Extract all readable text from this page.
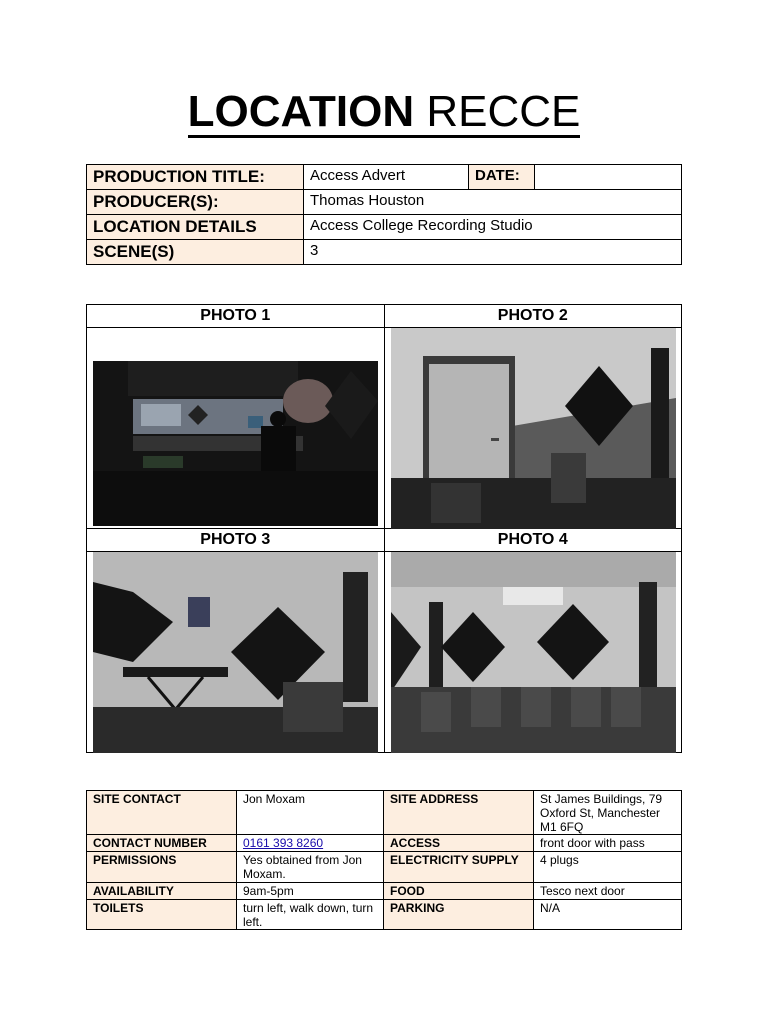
LOCATION RECCE
PRODUCTION TITLE:	Access Advert	DATE:	
PRODUCER(S):	Thomas Houston		
LOCATION DETAILS	Access College Recording Studio		
SCENE(S)	3		
PHOTO 1	PHOTO 2

PHOTO 3	PHOTO 4

SITE CONTACT	Jon Moxam	SITE ADDRESS	St James Buildings, 79 Oxford St, Manchester M1 6FQ
CONTACT NUMBER	0161 393 8260	ACCESS	front door with pass
PERMISSIONS	Yes obtained from Jon Moxam.	ELECTRICITY SUPPLY	4 plugs
AVAILABILITY	9am-5pm	FOOD	Tesco next door
TOILETS	turn left, walk down, turn left.	PARKING	N/A
